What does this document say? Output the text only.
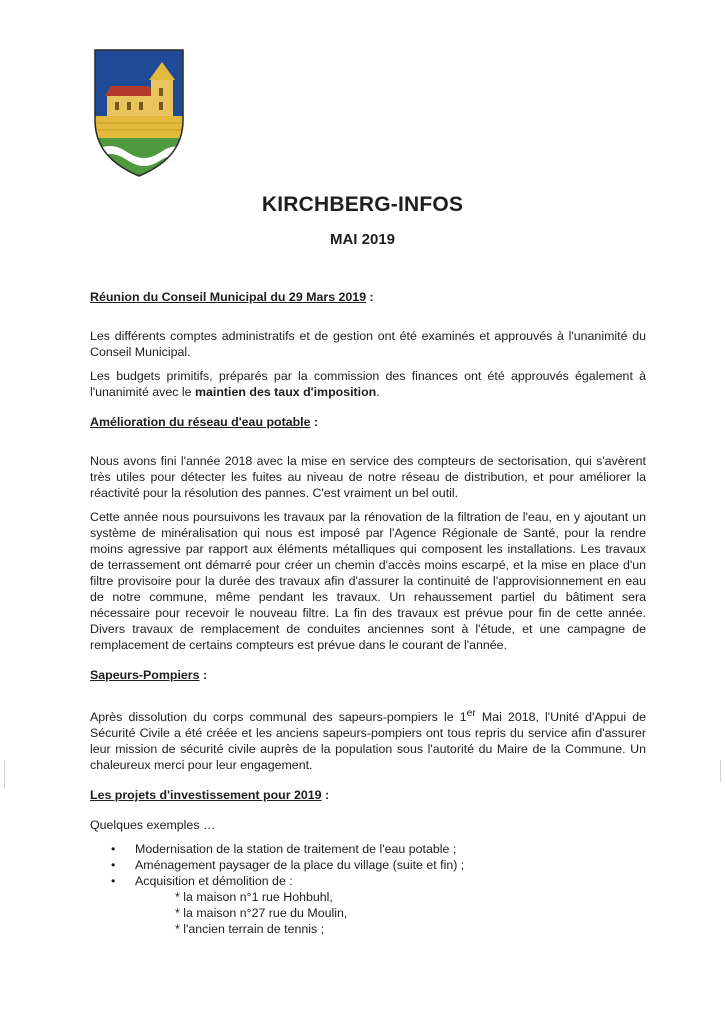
KIRCHBERG-INFOS
MAI 2019

Réunion du Conseil Municipal du 29 Mars 2019 :

Les différents comptes administratifs et de gestion ont été examinés et approuvés à l'unanimité du Conseil Municipal.

Les budgets primitifs, préparés par la commission des finances ont été approuvés également à l'unanimité avec le maintien des taux d'imposition.

Amélioration du réseau d'eau potable :

Nous avons fini l'année 2018 avec la mise en service des compteurs de sectorisation, qui s'avèrent très utiles pour détecter les fuites au niveau de notre réseau de distribution, et pour améliorer la réactivité pour la résolution des pannes. C'est vraiment un bel outil.

Cette année nous poursuivons les travaux par la rénovation de la filtration de l'eau, en y ajoutant un système de minéralisation qui nous est imposé par l'Agence Régionale de Santé, pour la rendre moins agressive par rapport aux éléments métalliques qui composent les installations. Les travaux de terrassement ont démarré pour créer un chemin d'accès moins escarpé, et la mise en place d'un filtre provisoire pour la durée des travaux afin d'assurer la continuité de l'approvisionnement en eau de notre commune, même pendant les travaux. Un rehaussement partiel du bâtiment sera nécessaire pour recevoir le nouveau filtre. La fin des travaux est prévue pour fin de cette année. Divers travaux de remplacement de conduites anciennes sont à l'étude, et une campagne de remplacement de certains compteurs est prévue dans le courant de l'année.

Sapeurs-Pompiers :

Après dissolution du corps communal des sapeurs-pompiers le 1er Mai 2018, l'Unité d'Appui de Sécurité Civile a été créée et les anciens sapeurs-pompiers ont tous repris du service afin d'assurer leur mission de sécurité civile auprès de la population sous l'autorité du Maire de la Commune. Un chaleureux merci pour leur engagement.

Les projets d'investissement pour 2019 :

Quelques exemples …

• Modernisation de la station de traitement de l'eau potable ;
• Aménagement paysager de la place du village (suite et fin) ;
• Acquisition et démolition de :

* la maison n°1 rue Hohbuhl,

* la maison n°27 rue du Moulin,

* l'ancien terrain de tennis ;
